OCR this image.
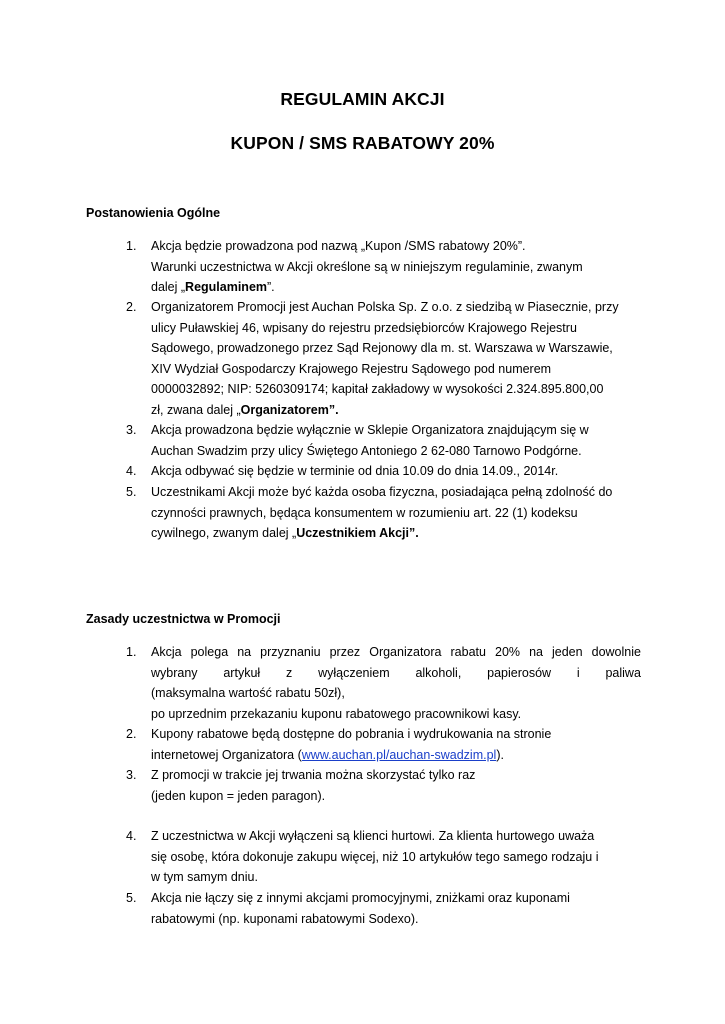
REGULAMIN AKCJI
KUPON / SMS RABATOWY 20%
Postanowienia Ogólne
1.	Akcja będzie prowadzona pod nazwą „Kupon /SMS rabatowy 20%”.
Warunki uczestnictwa w Akcji określone są w niniejszym regulaminie, zwanym
dalej „Regulaminem”.
2.	Organizatorem Promocji jest Auchan Polska Sp. Z o.o. z siedzibą w Piasecznie, przy
ulicy Puławskiej 46, wpisany do rejestru przedsiębiorców Krajowego Rejestru
Sądowego, prowadzonego przez Sąd Rejonowy dla m. st. Warszawa w Warszawie,
XIV Wydział Gospodarczy Krajowego Rejestru Sądowego pod numerem
0000032892; NIP: 5260309174; kapitał zakładowy w wysokości 2.324.895.800,00
zł, zwana dalej „Organizatorem”.
3.	Akcja prowadzona będzie wyłącznie w Sklepie Organizatora znajdującym się w
Auchan Swadzim przy ulicy Świętego Antoniego 2 62-080 Tarnowo Podgórne.
4.	Akcja odbywać się będzie w terminie od dnia 10.09 do dnia 14.09., 2014r.
5.	Uczestnikami Akcji może być każda osoba fizyczna, posiadająca pełną zdolność do
czynności prawnych, będąca konsumentem w rozumieniu art. 22 (1) kodeksu
cywilnego, zwanym dalej „Uczestnikiem Akcji”.
Zasady uczestnictwa w Promocji
1.	Akcja polega na przyznaniu przez Organizatora rabatu 20% na jeden dowolnie
wybrany artykuł z wyłączeniem alkoholi, papierosów i paliwa
(maksymalna wartość rabatu 50zł),
po uprzednim przekazaniu kuponu rabatowego pracownikowi kasy.
2.	Kupony rabatowe będą dostępne do pobrania i wydrukowania na stronie
internetowej Organizatora (www.auchan.pl/auchan-swadzim.pl).
3.	Z promocji w trakcie jej trwania można skorzystać tylko raz
(jeden kupon = jeden paragon).
4.	Z uczestnictwa w Akcji wyłączeni są klienci hurtowi. Za klienta hurtowego uważa
się osobę, która dokonuje zakupu więcej, niż 10 artykułów tego samego rodzaju i
w tym samym dniu.
5.	Akcja nie łączy się z innymi akcjami promocyjnymi, zniżkami oraz kuponami
rabatowymi (np. kuponami rabatowymi Sodexo).
